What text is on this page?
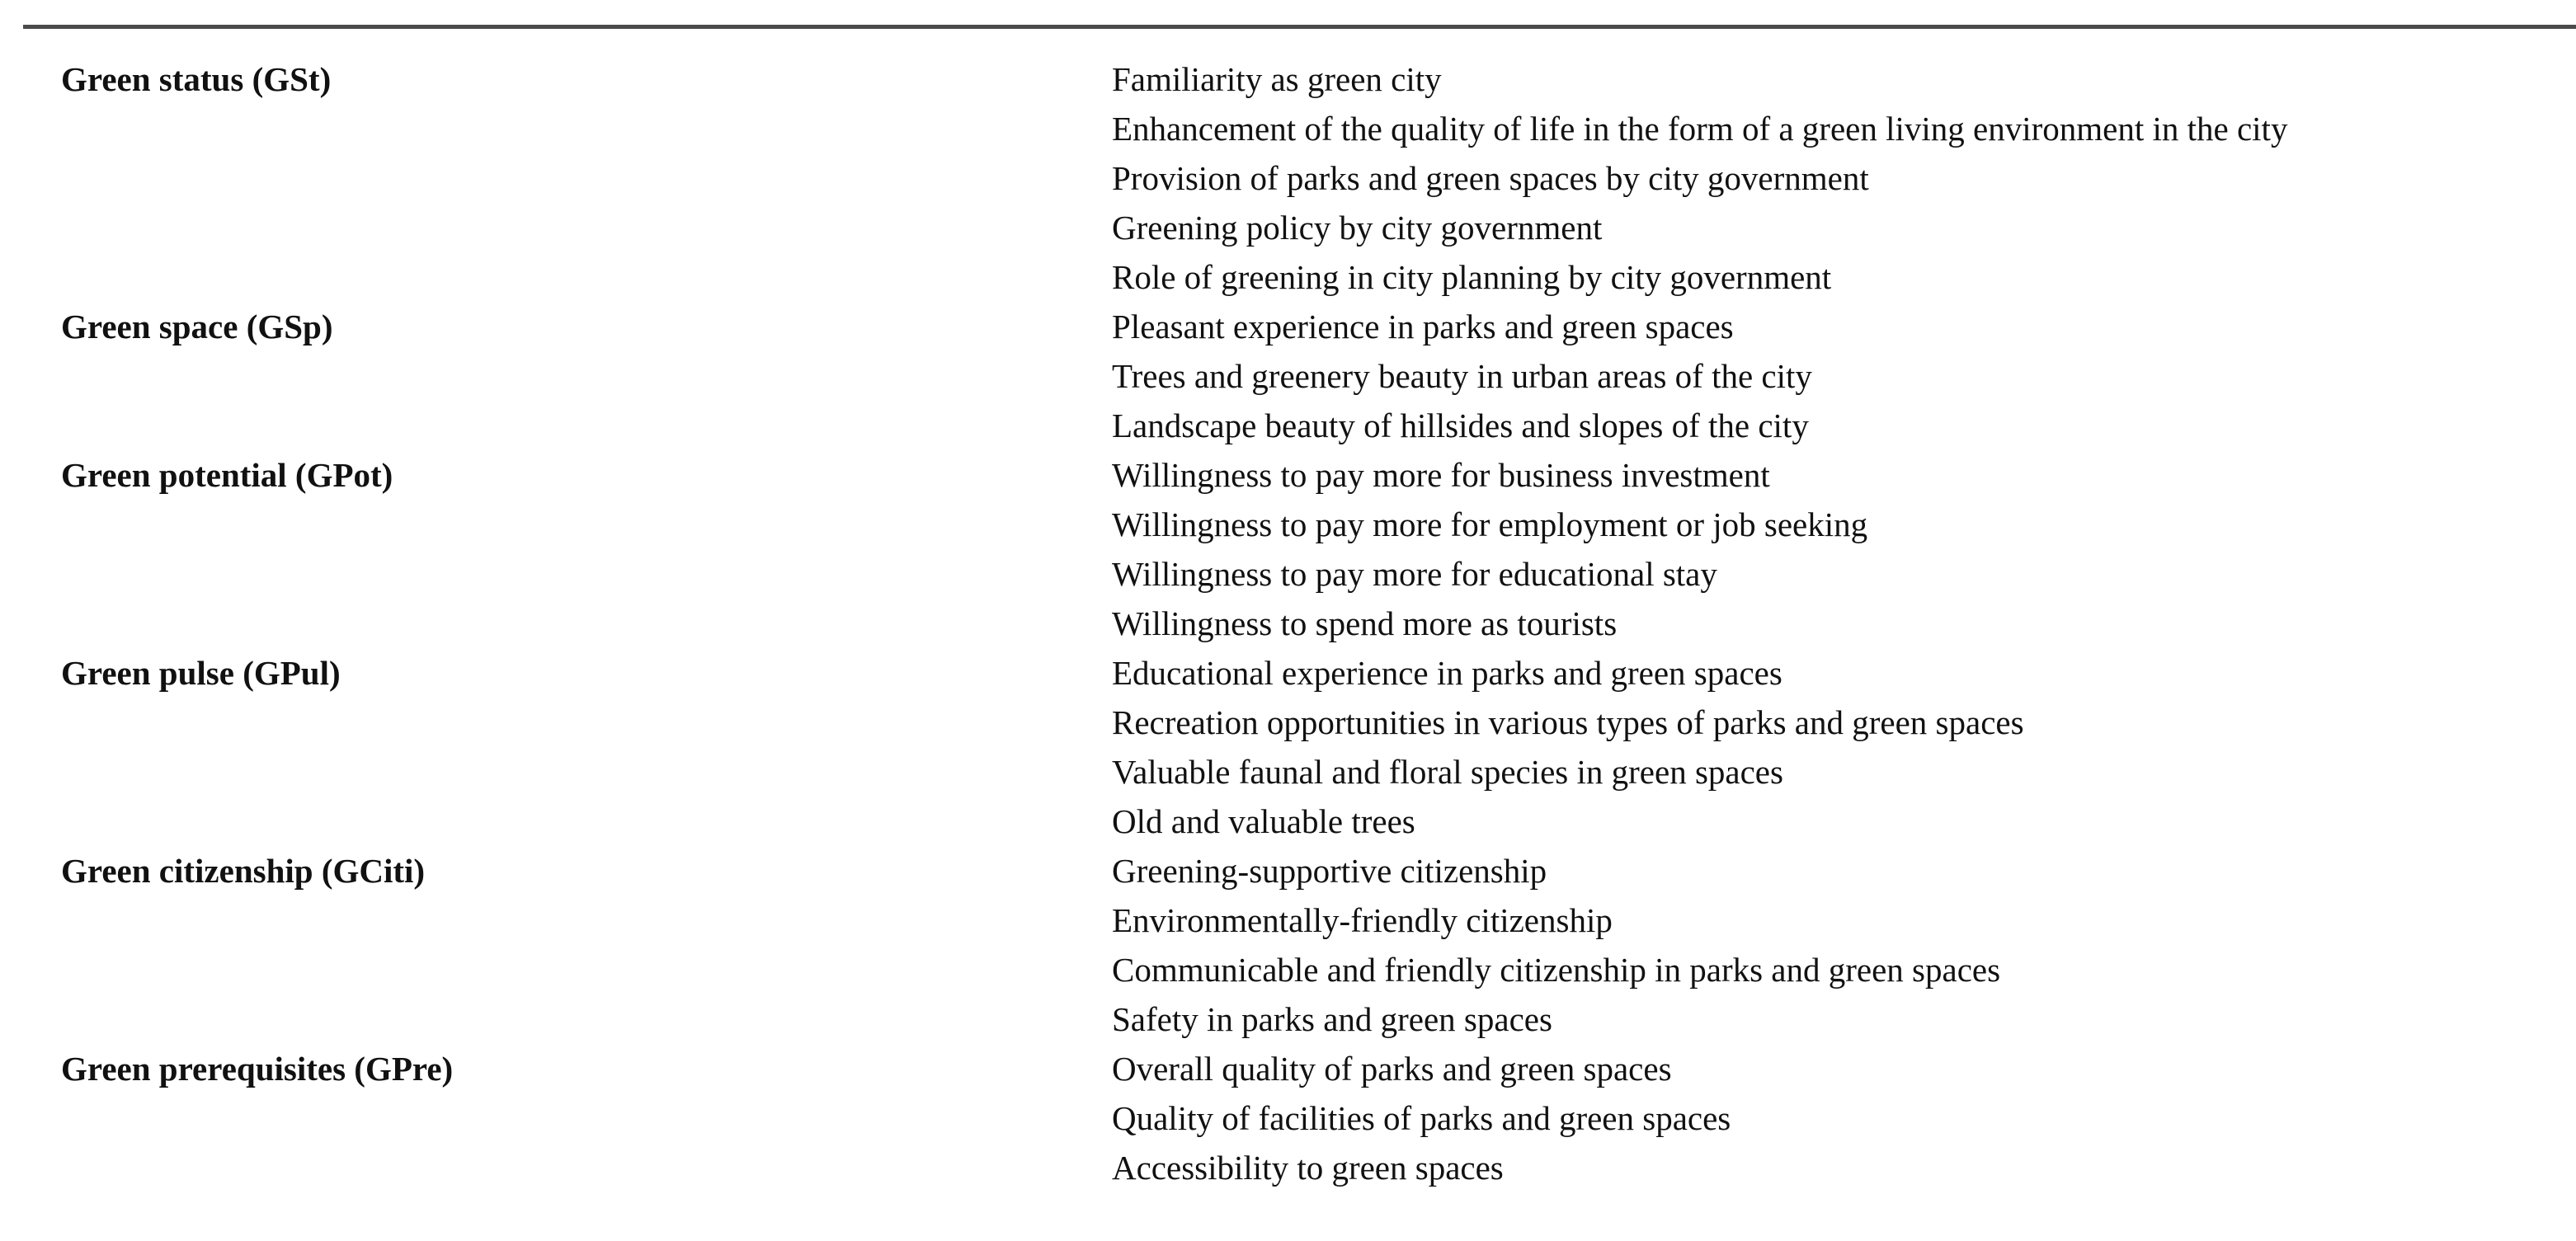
Green status (GSt)	Familiarity as green city
Enhancement of the quality of life in the form of a green living environment in the city
Provision of parks and green spaces by city government
Greening policy by city government
Role of greening in city planning by city government
Green space (GSp)	Pleasant experience in parks and green spaces
Trees and greenery beauty in urban areas of the city
Landscape beauty of hillsides and slopes of the city
Green potential (GPot)	Willingness to pay more for business investment
Willingness to pay more for employment or job seeking
Willingness to pay more for educational stay
Willingness to spend more as tourists
Green pulse (GPul)	Educational experience in parks and green spaces
Recreation opportunities in various types of parks and green spaces
Valuable faunal and floral species in green spaces
Old and valuable trees
Green citizenship (GCiti)	Greening-supportive citizenship
Environmentally-friendly citizenship
Communicable and friendly citizenship in parks and green spaces
Safety in parks and green spaces
Green prerequisites (GPre)	Overall quality of parks and green spaces
Quality of facilities of parks and green spaces
Accessibility to green spaces
